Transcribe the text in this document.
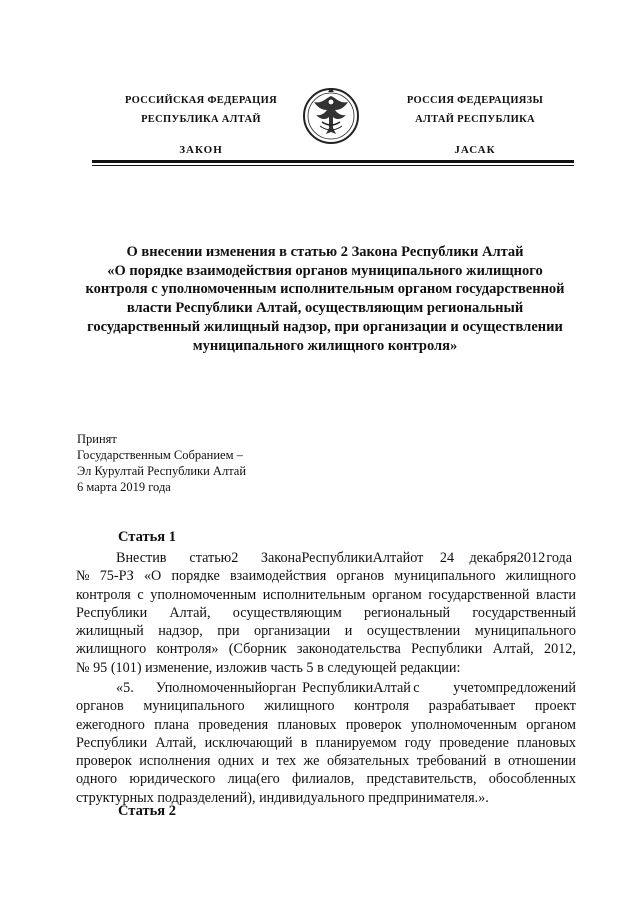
РОССИЙСКАЯ ФЕДЕРАЦИЯ
РЕСПУБЛИКА АЛТАЙ
ЗАКОН
РОССИЯ ФЕДЕРАЦИЯЗЫ
АЛТАЙ РЕСПУБЛИКА
JАСАК
О внесении изменения в статью 2 Закона Республики Алтай
«О порядке взаимодействия органов муниципального жилищного
контроля с уполномоченным исполнительным органом государственной
власти Республики Алтай, осуществляющим региональный
государственный жилищный надзор, при организации и осуществлении
муниципального жилищного контроля»
Принят
Государственным Собранием –
Эл Курултай Республики Алтай
6 марта 2019 года
Статья 1
Внести в	статью 2	Закона Республики Алтай от	24	декабря 2012 года
№ 75-РЗ «О порядке взаимодействия органов муниципального жилищного
контроля с уполномоченным исполнительным органом государственной власти
Республики Алтай, осуществляющим региональный государственный
жилищный надзор, при организации и осуществлении муниципального
жилищного контроля» (Сборник законодательства Республики Алтай, 2012,
№ 95 (101) изменение, изложив часть 5 в следующей редакции:
«5.	Уполномоченный орган Республики Алтай с	учетом предложений
органов муниципального жилищного контроля разрабатывает проект
ежегодного плана проведения плановых проверок уполномоченным органом
Республики Алтай, исключающий в планируемом году проведение плановых
проверок исполнения одних и тех же обязательных требований в отношении
одного юридического лица(его филиалов, представительств, обособленных
структурных подразделений), индивидуального предпринимателя.».
Статья 2
